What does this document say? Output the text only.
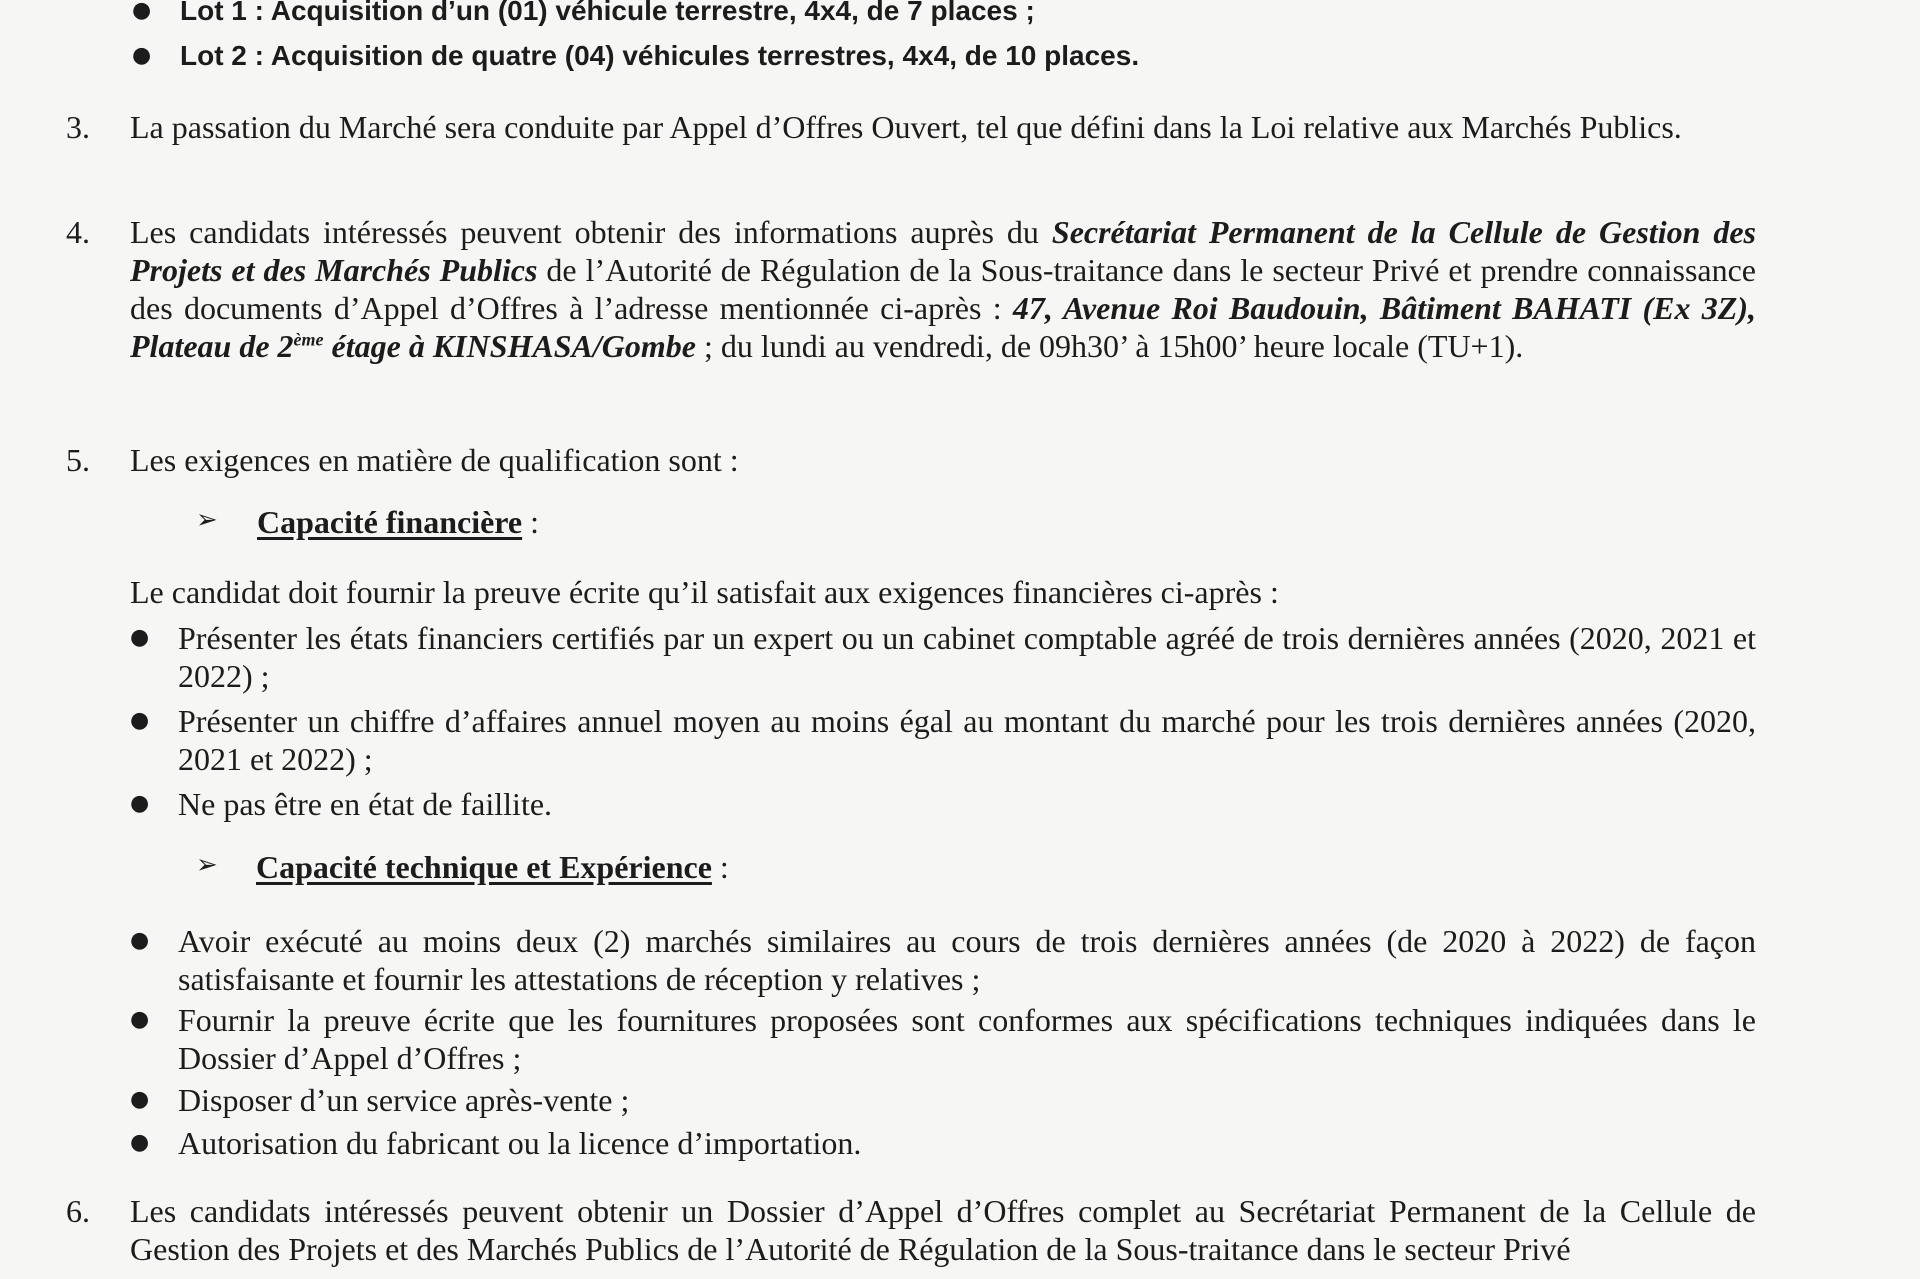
● Lot 1 : Acquisition d’un (01) véhicule terrestre, 4x4, de 7 places ;
● Lot 2 : Acquisition de quatre (04) véhicules terrestres, 4x4, de 10 places.
3. La passation du Marché sera conduite par Appel d’Offres Ouvert, tel que défini dans la Loi relative aux Marchés Publics.
4. Les candidats intéressés peuvent obtenir des informations auprès du Secrétariat Permanent de la Cellule de Gestion des Projets et des Marchés Publics de l’Autorité de Régulation de la Sous-traitance dans le secteur Privé et prendre connaissance des documents d’Appel d’Offres à l’adresse mentionnée ci-après : 47, Avenue Roi Baudouin, Bâtiment BAHATI (Ex 3Z), Plateau de 2ème étage à KINSHASA/Gombe ; du lundi au vendredi, de 09h30’ à 15h00’ heure locale (TU+1).
5. Les exigences en matière de qualification sont :
➢ Capacité financière :
Le candidat doit fournir la preuve écrite qu’il satisfait aux exigences financières ci-après :
● Présenter les états financiers certifiés par un expert ou un cabinet comptable agréé de trois dernières années (2020, 2021 et 2022) ;
● Présenter un chiffre d’affaires annuel moyen au moins égal au montant du marché pour les trois dernières années (2020, 2021 et 2022) ;
● Ne pas être en état de faillite.
➢ Capacité technique et Expérience :
● Avoir exécuté au moins deux (2) marchés similaires au cours de trois dernières années (de 2020 à 2022) de façon satisfaisante et fournir les attestations de réception y relatives ;
● Fournir la preuve écrite que les fournitures proposées sont conformes aux spécifications techniques indiquées dans le Dossier d’Appel d’Offres ;
● Disposer d’un service après-vente ;
● Autorisation du fabricant ou la licence d’importation.
6. Les candidats intéressés peuvent obtenir un Dossier d’Appel d’Offres complet au Secrétariat Permanent de la Cellule de Gestion des Projets et des Marchés Publics de l’Autorité de Régulation de la Sous-traitance dans le secteur Privé
